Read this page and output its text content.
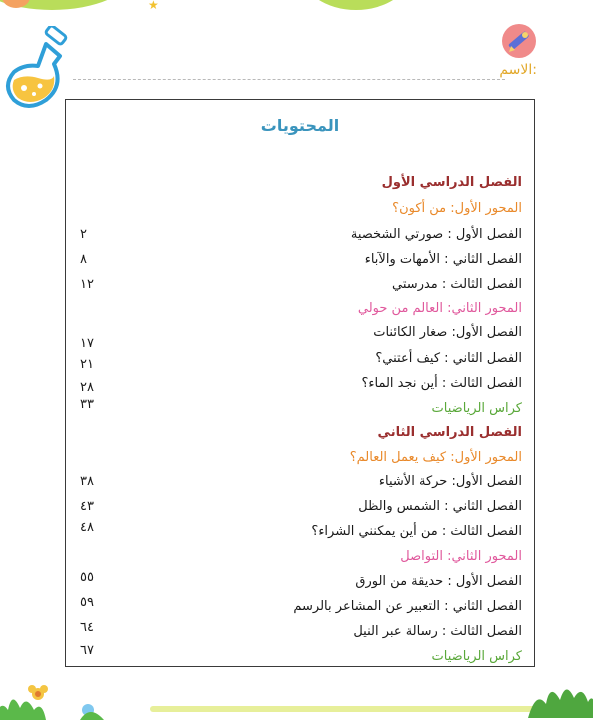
★
الاسم:
المحتويات
الفصل الدراسي الأول
المحور الأول: من أكون؟
الفصل الأول : صورتي الشخصية
٢
الفصل الثاني : الأمهات والآباء
٨
الفصل الثالث : مدرستي
١٢
المحور الثاني: العالم من حولي
الفصل الأول: صغار الكائنات
١٧
الفصل الثاني : كيف أعتني؟
٢١
الفصل الثالث : أين نجد الماء؟
٢٨
كراس الرياضيات
٣٣
الفصل الدراسي الثاني
المحور الأول: كيف يعمل العالم؟
الفصل الأول: حركة الأشياء
٣٨
الفصل الثاني : الشمس والظل
٤٣
الفصل الثالث : من أين يمكنني الشراء؟
٤٨
المحور الثاني: التواصل
الفصل الأول : حديقة من الورق
٥٥
الفصل الثاني : التعبير عن المشاعر بالرسم
٥٩
الفصل الثالث : رسالة عبر النيل
٦٤
كراس الرياضيات
٦٧
